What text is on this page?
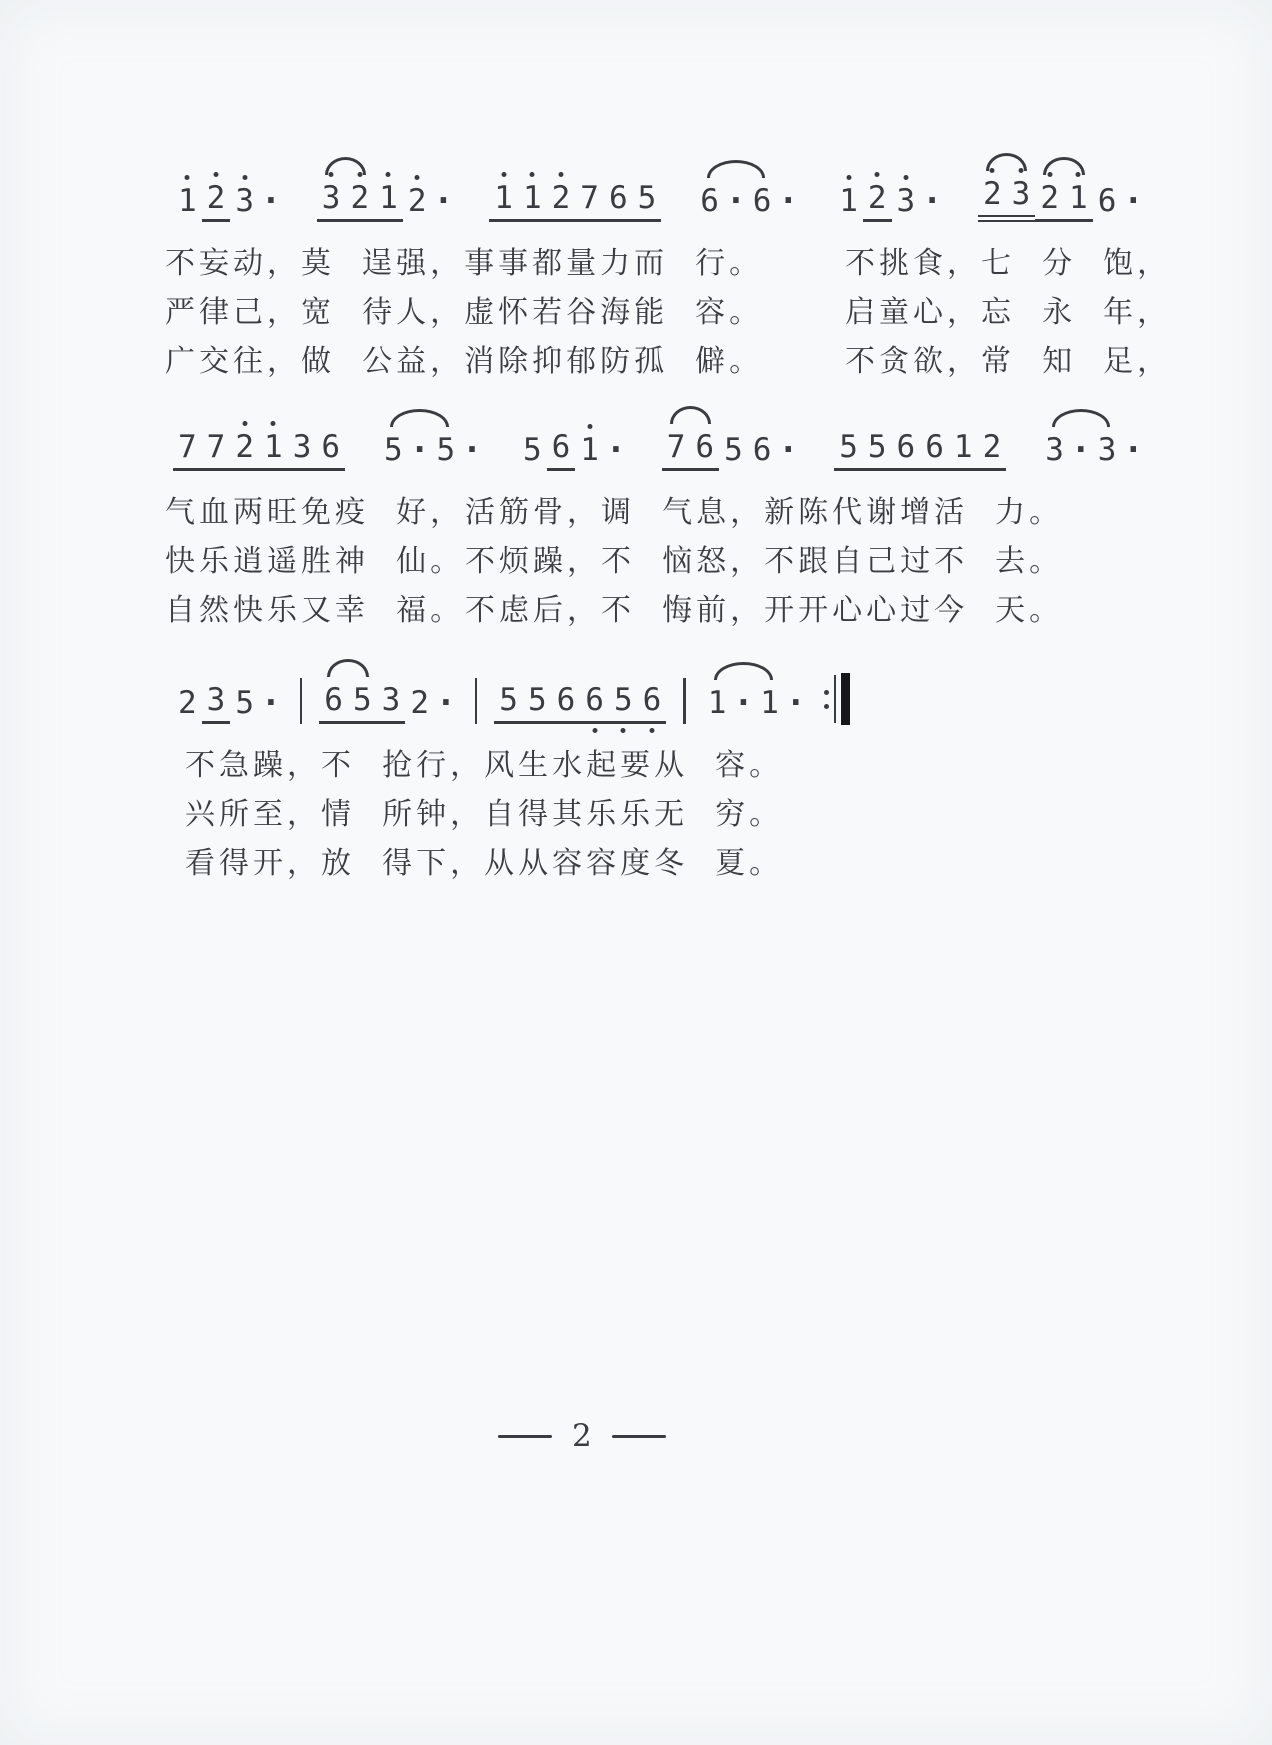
1 2 3 · 3 2 1 2 · 1 1 2 7 6 5 6 · 6 · 1 2 3 · 2 3 2 1 6 ·
不妄动，莫  逞强，事事都量力而  行。	不挑食，七  分  饱，
严律己，宽  待人，虚怀若谷海能  容。	启童心，忘  永  年，
广交往，做  公益，消除抑郁防孤  僻。	不贪欲，常  知  足，
7 7 2 1 3 6 5 · 5 · 5 6 1 · 7 6 5 6 · 5 5 6 6 1 2 3 · 3 ·
气血两旺免疫  好， 活筋骨，调  气息，新陈代谢增活  力。
快乐逍遥胜神  仙。 不烦躁，不  恼怒，不跟自己过不  去。
自然快乐又幸  福。 不虑后，不  悔前，开开心心过今  天。
2 3 5 · 6 5 3 2 · 5 5 6 6 5 6 1 · 1 ·
不急躁，不  抢行，风生水起要从  容。
兴所至，情  所钟，自得其乐乐无  穷。
看得开，放  得下，从从容容度冬  夏。
2
